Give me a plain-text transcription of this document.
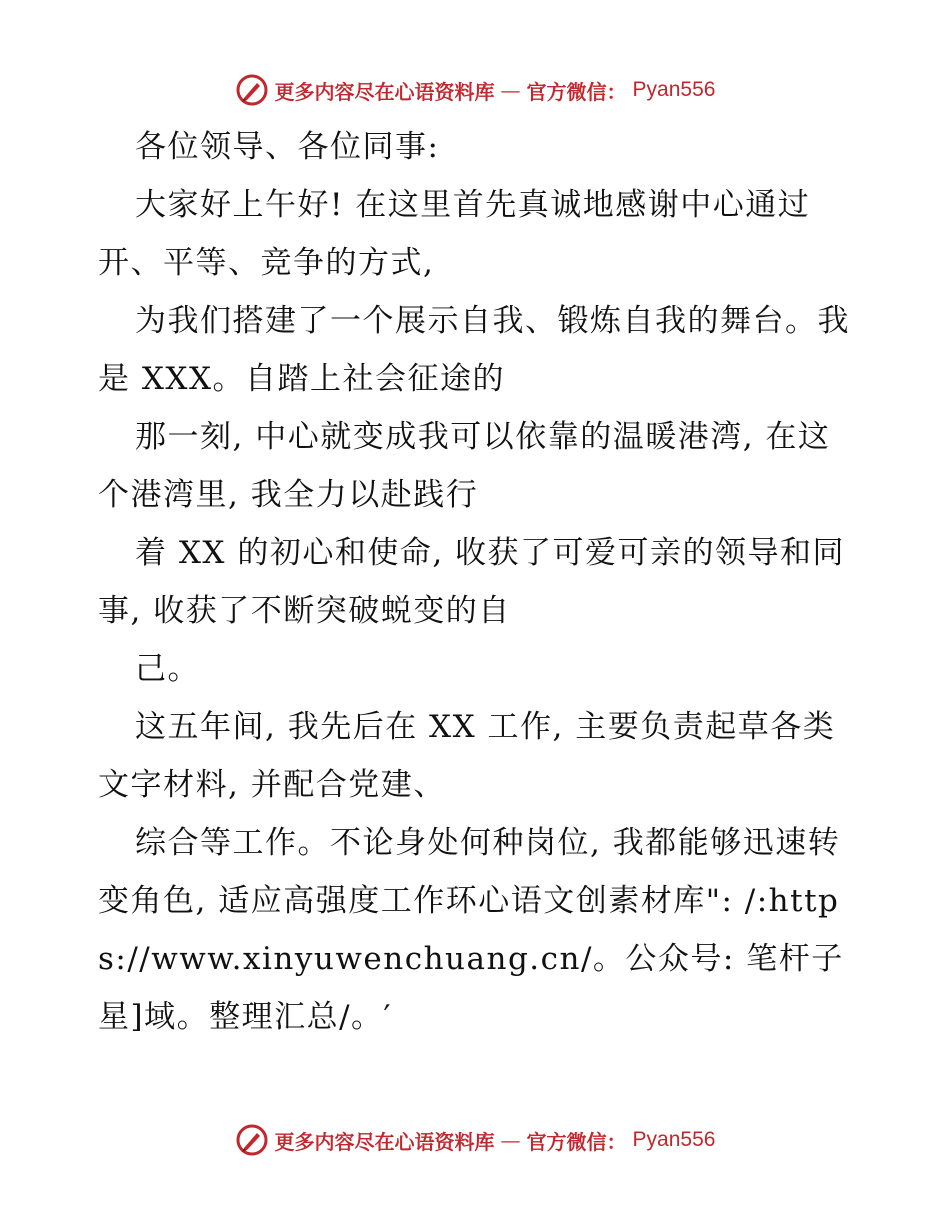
更多内容尽在心语资料库 — 官方微信： Pyan556

各位领导、各位同事:

大家好上午好! 在这里首先真诚地感谢中心通过开、平等、竞争的方式,

为我们搭建了一个展示自我、锻炼自我的舞台。我是 XXX。自踏上社会征途的

那一刻, 中心就变成我可以依靠的温暖港湾, 在这个港湾里, 我全力以赴践行

着 XX 的初心和使命, 收获了可爱可亲的领导和同事, 收获了不断突破蜕变的自

己。

这五年间, 我先后在 XX 工作, 主要负责起草各类文字材料, 并配合党建、

综合等工作。不论身处何种岗位, 我都能够迅速转变角色, 适应高强度工作环心语文创素材库": /:https://www.xinyuwenchuang.cn/。公众号: 笔杆子星]域。整理汇总/。′

更多内容尽在心语资料库 — 官方微信： Pyan556
